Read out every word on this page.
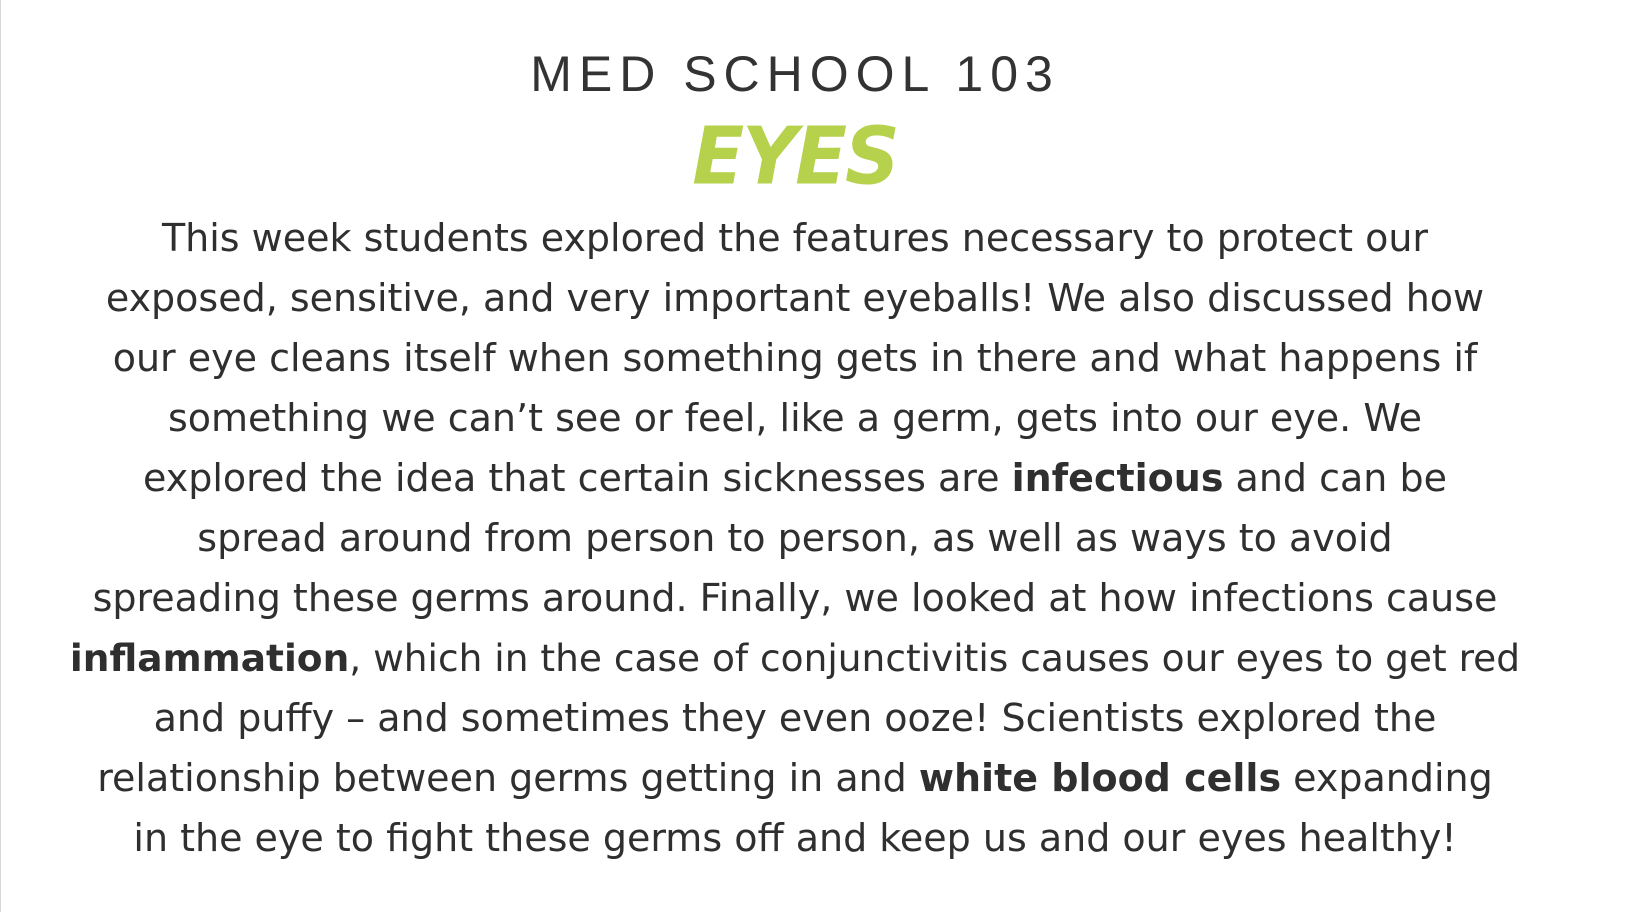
MED SCHOOL 103
EYES
This week students explored the features necessary to protect our
exposed, sensitive, and very important eyeballs! We also discussed how
our eye cleans itself when something gets in there and what happens if
something we can’t see or feel, like a germ, gets into our eye. We
explored the idea that certain sicknesses are infectious and can be
spread around from person to person, as well as ways to avoid
spreading these germs around. Finally, we looked at how infections cause
inflammation, which in the case of conjunctivitis causes our eyes to get red
and puffy – and sometimes they even ooze! Scientists explored the
relationship between germs getting in and white blood cells expanding
in the eye to fight these germs off and keep us and our eyes healthy!
